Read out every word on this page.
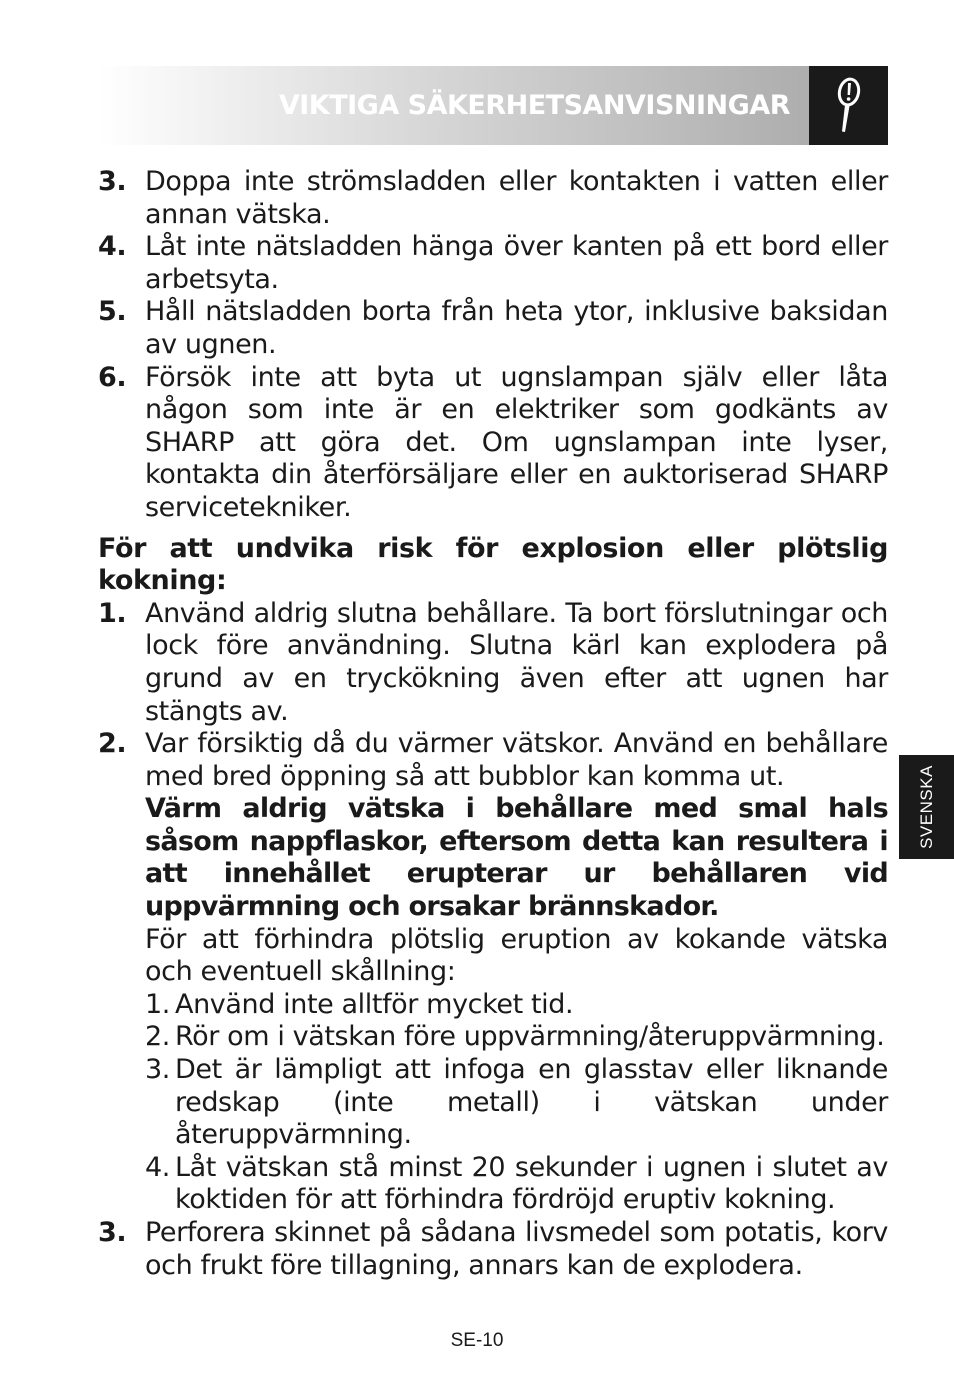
VIKTIGA SÄKERHETSANVISNINGAR
SVENSKA
3. Doppa inte strömsladden eller kontakten i vatten eller annan vätska.
4. Låt inte nätsladden hänga över kanten på ett bord eller arbetsyta.
5. Håll nätsladden borta från heta ytor, inklusive baksidan av ugnen.
6. Försök inte att byta ut ugnslampan själv eller låta någon som inte är en elektriker som godkänts av SHARP att göra det. Om ugnslampan inte lyser, kontakta din återförsäljare eller en auktoriserad SHARP servicetekniker.
För att undvika risk för explosion eller plötslig kokning:
1. Använd aldrig slutna behållare. Ta bort förslutningar och lock före användning. Slutna kärl kan explodera på grund av en tryckökning även efter att ugnen har stängts av.
2. Var försiktig då du värmer vätskor. Använd en behållare med bred öppning så att bubblor kan komma ut.
Värm aldrig vätska i behållare med smal hals såsom nappflaskor, eftersom detta kan resultera i att innehållet erupterar ur behållaren vid uppvärmning och orsakar brännskador.
För att förhindra plötslig eruption av kokande vätska och eventuell skållning:
1. Använd inte alltför mycket tid.
2. Rör om i vätskan före uppvärmning/återuppvärmning.
3. Det är lämpligt att infoga en glasstav eller liknande redskap (inte metall) i vätskan under återuppvärmning.
4. Låt vätskan stå minst 20 sekunder i ugnen i slutet av koktiden för att förhindra fördröjd eruptiv kokning.
3. Perforera skinnet på sådana livsmedel som potatis, korv och frukt före tillagning, annars kan de explodera.
SE-10
